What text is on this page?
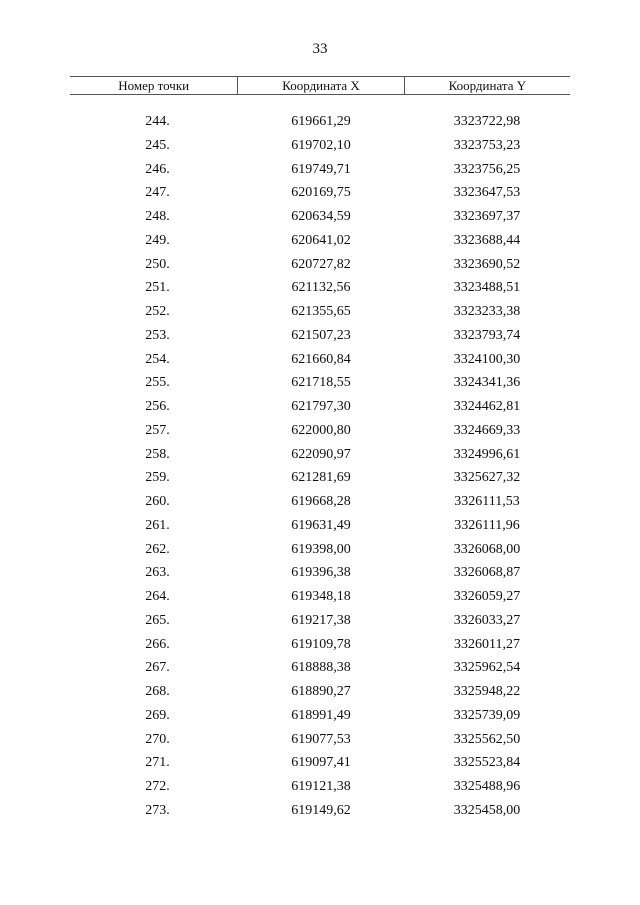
33
Номер точки	Координата X	Координата Y
244.	619661,29	3323722,98
245.	619702,10	3323753,23
246.	619749,71	3323756,25
247.	620169,75	3323647,53
248.	620634,59	3323697,37
249.	620641,02	3323688,44
250.	620727,82	3323690,52
251.	621132,56	3323488,51
252.	621355,65	3323233,38
253.	621507,23	3323793,74
254.	621660,84	3324100,30
255.	621718,55	3324341,36
256.	621797,30	3324462,81
257.	622000,80	3324669,33
258.	622090,97	3324996,61
259.	621281,69	3325627,32
260.	619668,28	3326111,53
261.	619631,49	3326111,96
262.	619398,00	3326068,00
263.	619396,38	3326068,87
264.	619348,18	3326059,27
265.	619217,38	3326033,27
266.	619109,78	3326011,27
267.	618888,38	3325962,54
268.	618890,27	3325948,22
269.	618991,49	3325739,09
270.	619077,53	3325562,50
271.	619097,41	3325523,84
272.	619121,38	3325488,96
273.	619149,62	3325458,00
